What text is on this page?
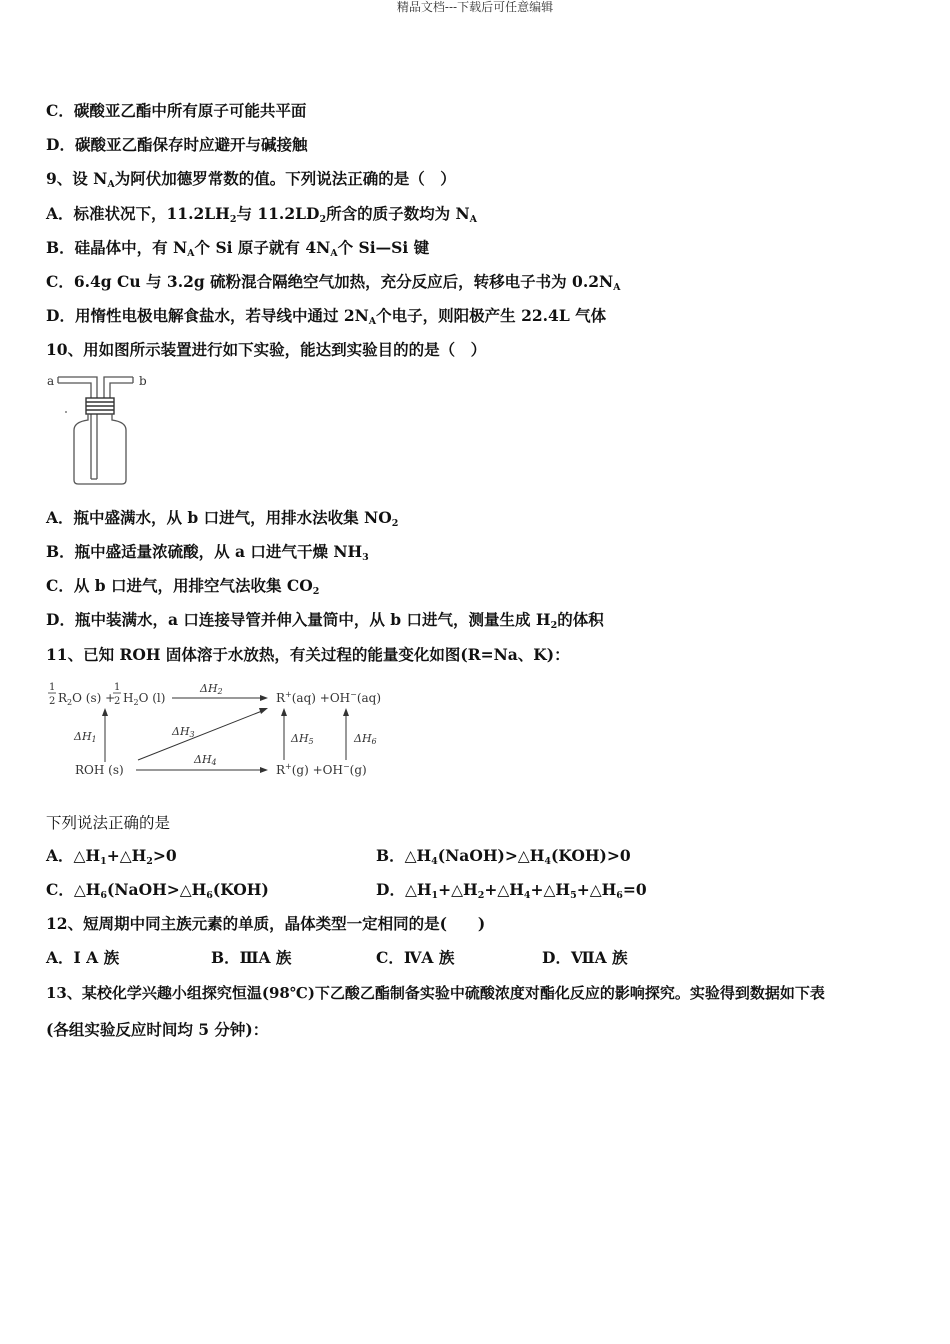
精品文档---下载后可任意编辑
C．碳酸亚乙酯中所有原子可能共平面
D．碳酸亚乙酯保存时应避开与碱接触
9、设 $N_A$为阿伏加德罗常数的值。下列说法正确的是（　）
A．标准状况下，$11.2LH_2$与 $11.2LD_2$所含的质子数均为 $N_A$
B．硅晶体中，有 $N_A$个 Si 原子就有 $4N_A$个 Si—Si 键
C．6.4g Cu 与 3.2g 硫粉混合隔绝空气加热，充分反应后，转移电子书为 $0.2N_A$
D．用惰性电极电解食盐水，若导线中通过 $2N_A$个电子，则阳极产生 22.4L 气体
10、用如图所示装置进行如下实验，能达到实验目的的是（　）
a	b
A．瓶中盛满水，从 b 口进气，用排水法收集 $NO_2$
B．瓶中盛适量浓硫酸，从 a 口进气干燥 $NH_3$
C．从 b 口进气，用排空气法收集 $CO_2$
D．瓶中装满水，a 口连接导管并伸入量筒中，从 b 口进气，测量生成 $H_2$的体积
11、已知 ROH 固体溶于水放热，有关过程的能量变化如图(R=Na、K)：
1
2 $R_2O$ (s) +
1
2 $H_2O$ (l)
ΔH2	R+(aq) +OH−(aq)
ΔH1
ΔH3
ΔH4
ROH (s)	R+(g) +OH−(g)
ΔH5	ΔH6
下列说法正确的是
A．$\triangle H_1+\triangle H_2>0$	B．$\triangle H_4(NaOH)>\triangle H_4(KOH)>0$
C．$\triangle H_6(NaOH>\triangle H_6(KOH)$	D．$\triangle H_1+\triangle H_2+\triangle H_4+\triangle H_5+\triangle H_6=0$
12、短周期中同主族元素的单质，晶体类型一定相同的是(　　)
A．Ⅰ A 族	B．ⅢA 族	C．ⅣA 族	D．ⅦA 族
13、某校化学兴趣小组探究恒温(98℃)下乙酸乙酯制备实验中硫酸浓度对酯化反应的影响探究。实验得到数据如下表
(各组实验反应时间均 5 分钟)：
